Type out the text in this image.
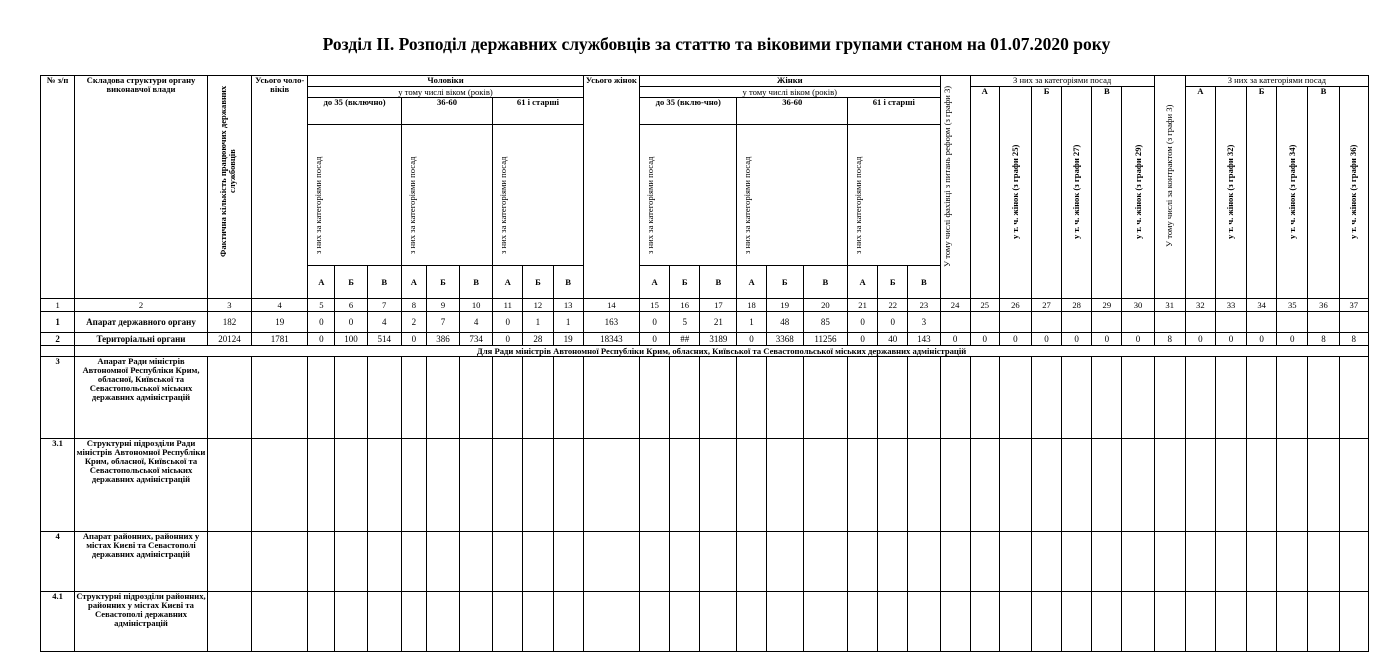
Розділ ІІ. Розподіл державних службовців за статтю та віковими групами станом на 01.07.2020 року
№ з/п	Складова структури органу виконавчої влади	Фактична кількість працюючих державних службовців	Усього чоло-віків	Чоловіки									Усього жінок	Жінки									У тому числі фахівці з питань реформ (з графи 3)	З них за категоріями посад						У тому числі за контрактом (з графи 3)	З них за категоріями посад					
				у тому числі віком (років)										у тому числі віком (років)										А	у т. ч. жінок (з графи 25)	Б	у т. ч. жінок (з графи 27)	В	у т. ч. жінок (з графи 29)		А	у т. ч. жінок (з графи 32)	Б	у т. ч. жінок (з графи 34)	В	у т. ч. жінок (з графи 36)
				до 35 (включно)			36-60			61 і старші				до 35 (вклю-чно)			36-60			61 і старші																
				з них за категоріями посад			з них за категоріями посад			з них за категоріями посад				з них за категоріями посад			з них за категоріями посад			з них за категоріями посад																
				А	Б	В	А	Б	В	А	Б	В		А	Б	В	А	Б	В	А	Б	В														
1	2	3	4	5	6	7	8	9	10	11	12	13	14	15	16	17	18	19	20	21	22	23	24	25	26	27	28	29	30	31	32	33	34	35	36	37
1	Апарат державного органу	182	19	0	0	4	2	7	4	0	1	1	163	0	5	21	1	48	85	0	0	3														
2	Територіальні органи	20124	1781	0	100	514	0	386	734	0	28	19	18343	0	##	3189	0	3368	11256	0	40	143	0	0	0	0	0	0	0	8	0	0	0	0	8	8
	Для Ради міністрів Автономної Республіки Крим, обласних, Київської та Севастопольської міських державних адміністрацій																																			
3	Апарат Ради міністрів Автономної Республіки Крим, обласної, Київської та Севастопольської міських державних адміністрацій																																			
3.1	Структурні підрозділи Ради міністрів Автономної Республіки Крим, обласної, Київської та Севастопольської міських державних адміністрацій																																			
4	Апарат районних, районних у містах Києві та Севастополі державних адміністрацій																																			
4.1	Структурні підрозділи районних, районних у містах Києві та Севастополі державних адміністрацій																																			
